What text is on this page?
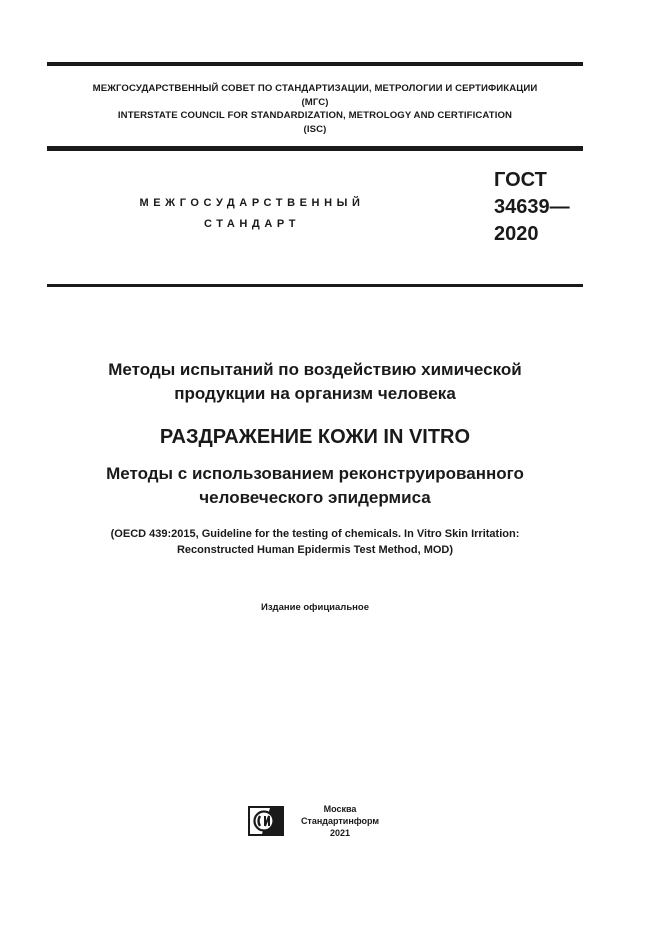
МЕЖГОСУДАРСТВЕННЫЙ СОВЕТ ПО СТАНДАРТИЗАЦИИ, МЕТРОЛОГИИ И СЕРТИФИКАЦИИ
(МГС)
INTERSTATE COUNCIL FOR STANDARDIZATION, METROLOGY AND CERTIFICATION
(ISC)
МЕЖГОСУДАРСТВЕННЫЙ
СТАНДАРТ
ГОСТ
34639—
2020
Методы испытаний по воздействию химической
продукции на организм человека
РАЗДРАЖЕНИЕ КОЖИ IN VITRO
Методы с использованием реконструированного
человеческого эпидермиса
(OECD 439:2015, Guideline for the testing of chemicals. In Vitro Skin Irritation:
Reconstructed Human Epidermis Test Method, MOD)
Издание официальное
Москва
Стандартинформ
2021
